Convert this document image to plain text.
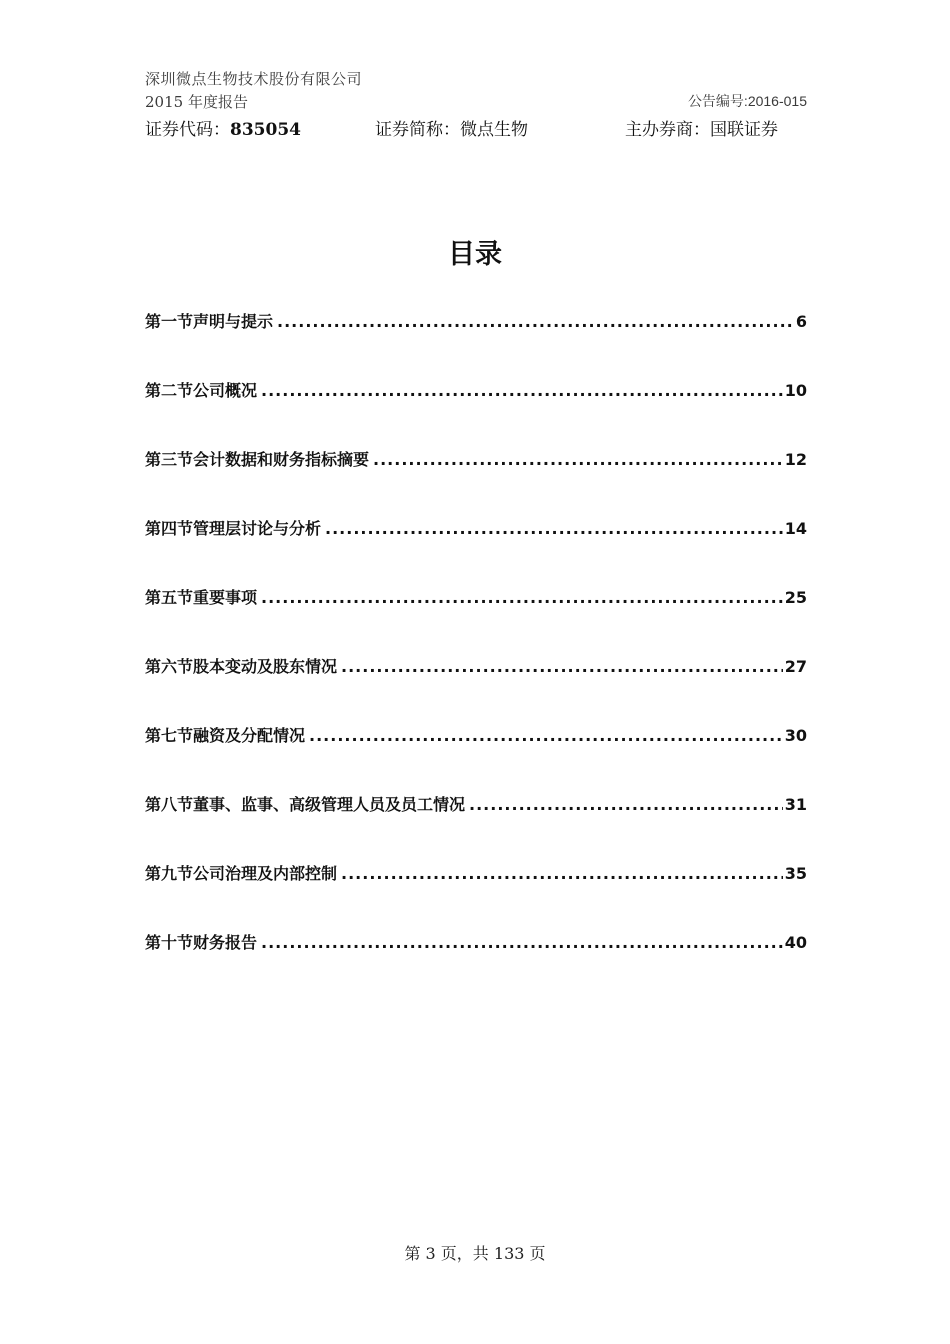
深圳微点生物技术股份有限公司
2015 年度报告	公告编号:2016-015
证券代码：835054	证券简称：微点生物	主办券商：国联证券
目录
第一节声明与提示 .....	6
第二节公司概况 .....	10
第三节会计数据和财务指标摘要 .....	12
第四节管理层讨论与分析 .....	14
第五节重要事项 .....	25
第六节股本变动及股东情况 .....	27
第七节融资及分配情况 .....	30
第八节董事、监事、高级管理人员及员工情况 .....	31
第九节公司治理及内部控制 .....	35
第十节财务报告 .....	40
第 3 页，共 133 页
